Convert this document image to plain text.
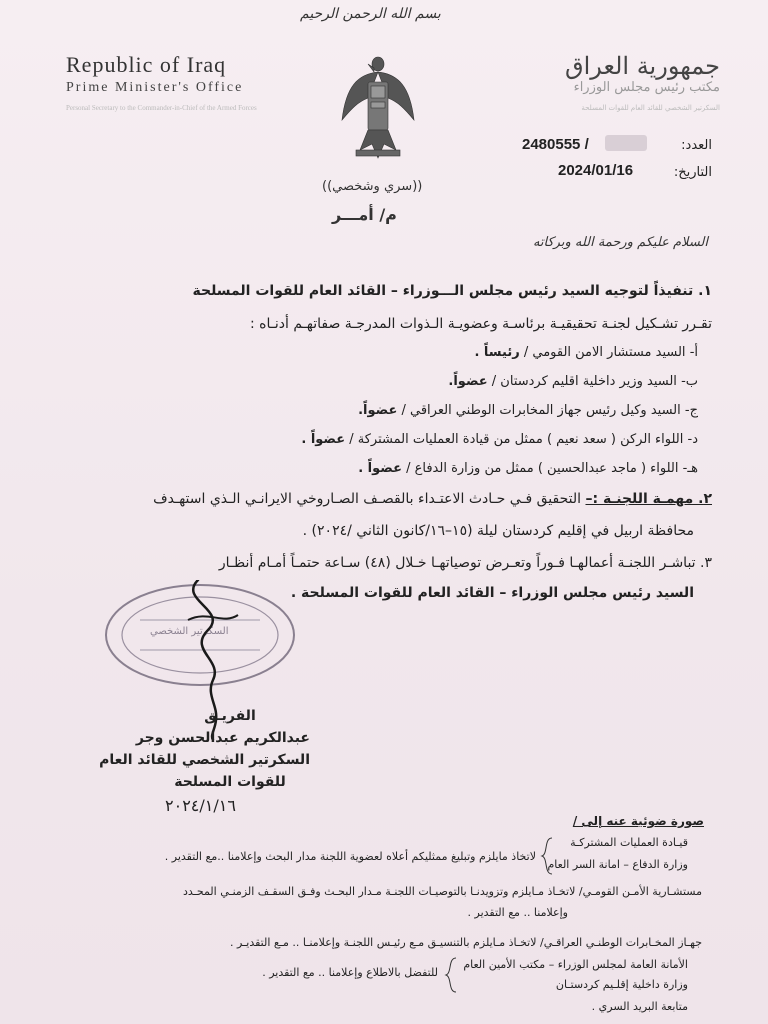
بسم الله الرحمن الرحيم
Republic of Iraq
Prime Minister's Office
Personal Secretary to the Commander-in-Chief of the Armed Forces
جمهورية العراق
مكتب رئيس مجلس الوزراء
السكرتير الشخصي للقائد العام للقوات المسلحة
العدد:
2480555 /
التاريخ:
2024/01/16
((سري وشخصي))
م/ أمـــر
السلام عليكم ورحمة الله وبركاته
١. تنفيذاً لتوجيه السيد رئيس مجلس الـــوزراء – القائد العام للقوات المسلحة
تقـرر تشـكيل لجنـة تحقيقيـة برئاسـة وعضويـة الـذوات المدرجـة صفاتهـم أدنـاه :
أ- السيد مستشار الامن القومي / رئيساً .
ب- السيد وزير داخلية اقليم كردستان / عضواً.
ج- السيد وكيل رئيس جهاز المخابرات الوطني العراقي / عضواً.
د- اللواء الركن ( سعد نعيم ) ممثل من قيادة العمليات المشتركة / عضواً .
هـ- اللواء ( ماجد عبدالحسين ) ممثل من وزارة الدفاع / عضواً .
٢. مهمـة اللجنـة :– التحقيق فـي حـادث الاعتـداء بالقصـف الصـاروخي الايرانـي الـذي استهـدف
محافظة اربيل في إقليم كردستان ليلة (١٥–١٦/كانون الثاني /٢٠٢٤) .
٣. تباشـر اللجنـة أعمالهـا فـوراً وتعـرض توصياتهـا خـلال (٤٨) سـاعة حتمـاً أمـام أنظـار
السيد رئيس مجلس الوزراء – القائد العام للقوات المسلحة .
السكرتير الشخصي
الفريـق
عبدالكريم عبدالحسن وجر
السكرتير الشخصي للقائد العام
للقوات المسلحة
٢٠٢٤/١/١٦
صورة ضوئية عنه إلى /
قيـادة العمليات المشتركـة
وزارة الدفاع – امانة السر العام
لاتخاذ مايلزم وتبليغ ممثليكم أعلاه لعضوية اللجنة مدار البحث وإعلامنا ..مع التقدير .
مستشـارية الأمـن القومـي/ لاتخـاذ مـايلزم وتزويدنـا بالتوصيـات اللجنـة مـدار البحـث وفـق السقـف الزمنـي المحـدد
وإعلامنا .. مع التقدير .
جهـاز المخـابرات الوطنـي العراقـي/ لاتخـاذ مـايلزم بالتنسيـق مـع رئيـس اللجنـة وإعلامنـا .. مـع التقديـر .
الأمانة العامة لمجلس الوزراء – مكتب الأمين العام
وزارة داخلية إقلـيم كردستـان
للتفضل بالاطلاع وإعلامنا .. مع التقدير .
متابعة البريد السري .
